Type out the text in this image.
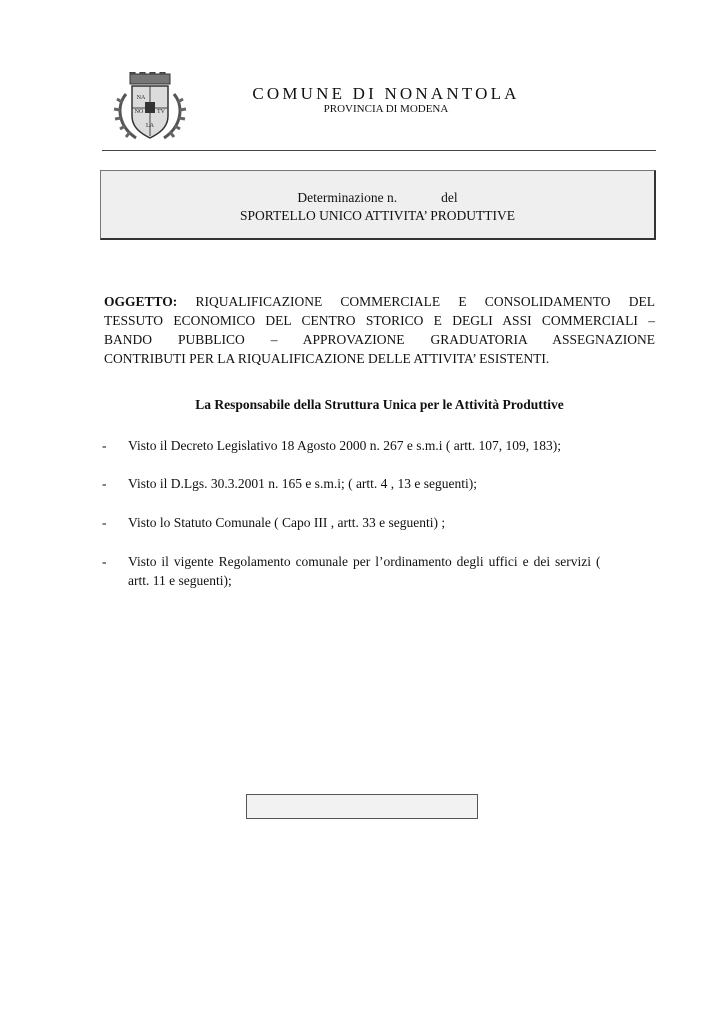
NA
NO TV
LA
COMUNE DI NONANTOLA
PROVINCIA DI MODENA
Determinazione n.	del
SPORTELLO UNICO ATTIVITA’ PRODUTTIVE
OGGETTO: RIQUALIFICAZIONE COMMERCIALE E CONSOLIDAMENTO DEL
TESSUTO ECONOMICO DEL CENTRO STORICO E DEGLI ASSI COMMERCIALI –
BANDO PUBBLICO – APPROVAZIONE GRADUATORIA ASSEGNAZIONE
CONTRIBUTI PER LA RIQUALIFICAZIONE DELLE ATTIVITA’ ESISTENTI.
La Responsabile della Struttura Unica per le Attività Produttive
- Visto il Decreto Legislativo 18 Agosto 2000 n. 267 e s.m.i ( artt. 107, 109, 183);
- Visto il D.Lgs. 30.3.2001 n. 165 e s.m.i; ( artt. 4 , 13 e seguenti);
- Visto lo Statuto Comunale ( Capo III , artt. 33 e seguenti) ;
- Visto il vigente Regolamento comunale per l’ordinamento degli uffici e dei servizi (
artt. 11 e seguenti);
